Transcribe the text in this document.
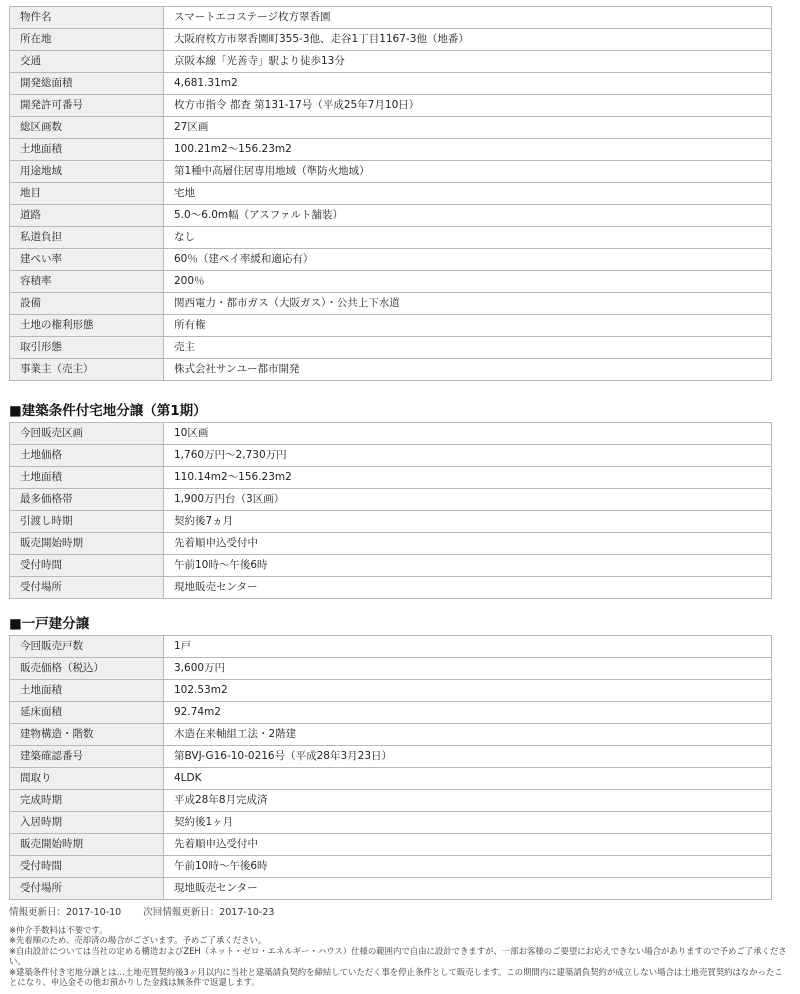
物件名	スマートエコステージ枚方翠香園
所在地	大阪府枚方市翠香園町355-3他、走谷1丁目1167-3他（地番）
交通	京阪本線「光善寺」駅より徒歩13分
開発総面積	4,681.31m2
開発許可番号	枚方市指令 都査 第131-17号（平成25年7月10日）
総区画数	27区画
土地面積	100.21m2〜156.23m2
用途地域	第1種中高層住居専用地域（準防火地域）
地目	宅地
道路	5.0〜6.0m幅（アスファルト舗装）
私道負担	なし
建ぺい率	60％（建ペイ率緩和適応有）
容積率	200％
設備	関西電力・都市ガス（大阪ガス）・公共上下水道
土地の権利形態	所有権
取引形態	売主
事業主（売主）	株式会社サンユー都市開発
■建築条件付宅地分譲（第1期）
今回販売区画	10区画
土地価格	1,760万円〜2,730万円
土地面積	110.14m2〜156.23m2
最多価格帯	1,900万円台（3区画）
引渡し時期	契約後7ヵ月
販売開始時期	先着順申込受付中
受付時間	午前10時〜午後6時
受付場所	現地販売センター
■一戸建分譲
今回販売戸数	1戸
販売価格（税込）	3,600万円
土地面積	102.53m2
延床面積	92.74m2
建物構造・階数	木造在来軸組工法・2階建
建築確認番号	第BVJ-G16-10-0216号（平成28年3月23日）
間取り	4LDK
完成時期	平成28年8月完成済
入居時期	契約後1ヶ月
販売開始時期	先着順申込受付中
受付時間	午前10時〜午後6時
受付場所	現地販売センター
情報更新日：2017-10-10 次回情報更新日：2017-10-23
※仲介手数料は不要です。
※先着順のため、売却済の場合がございます。予めご了承ください。
※自由設計については当社の定める構造およびZEH（ネット・ゼロ・エネルギー・ハウス）仕様の範囲内で自由に設計できますが、一部お客様のご要望にお応えできない場合がありますので予めご了承ください。
※建築条件付き宅地分譲とは…土地売買契約後3ヶ月以内に当社と建築請負契約を締結していただく事を停止条件として販売します。この期間内に建築請負契約が成立しない場合は土地売買契約はなかったことになり、申込金その他お預かりした金銭は無条件で返還します。
